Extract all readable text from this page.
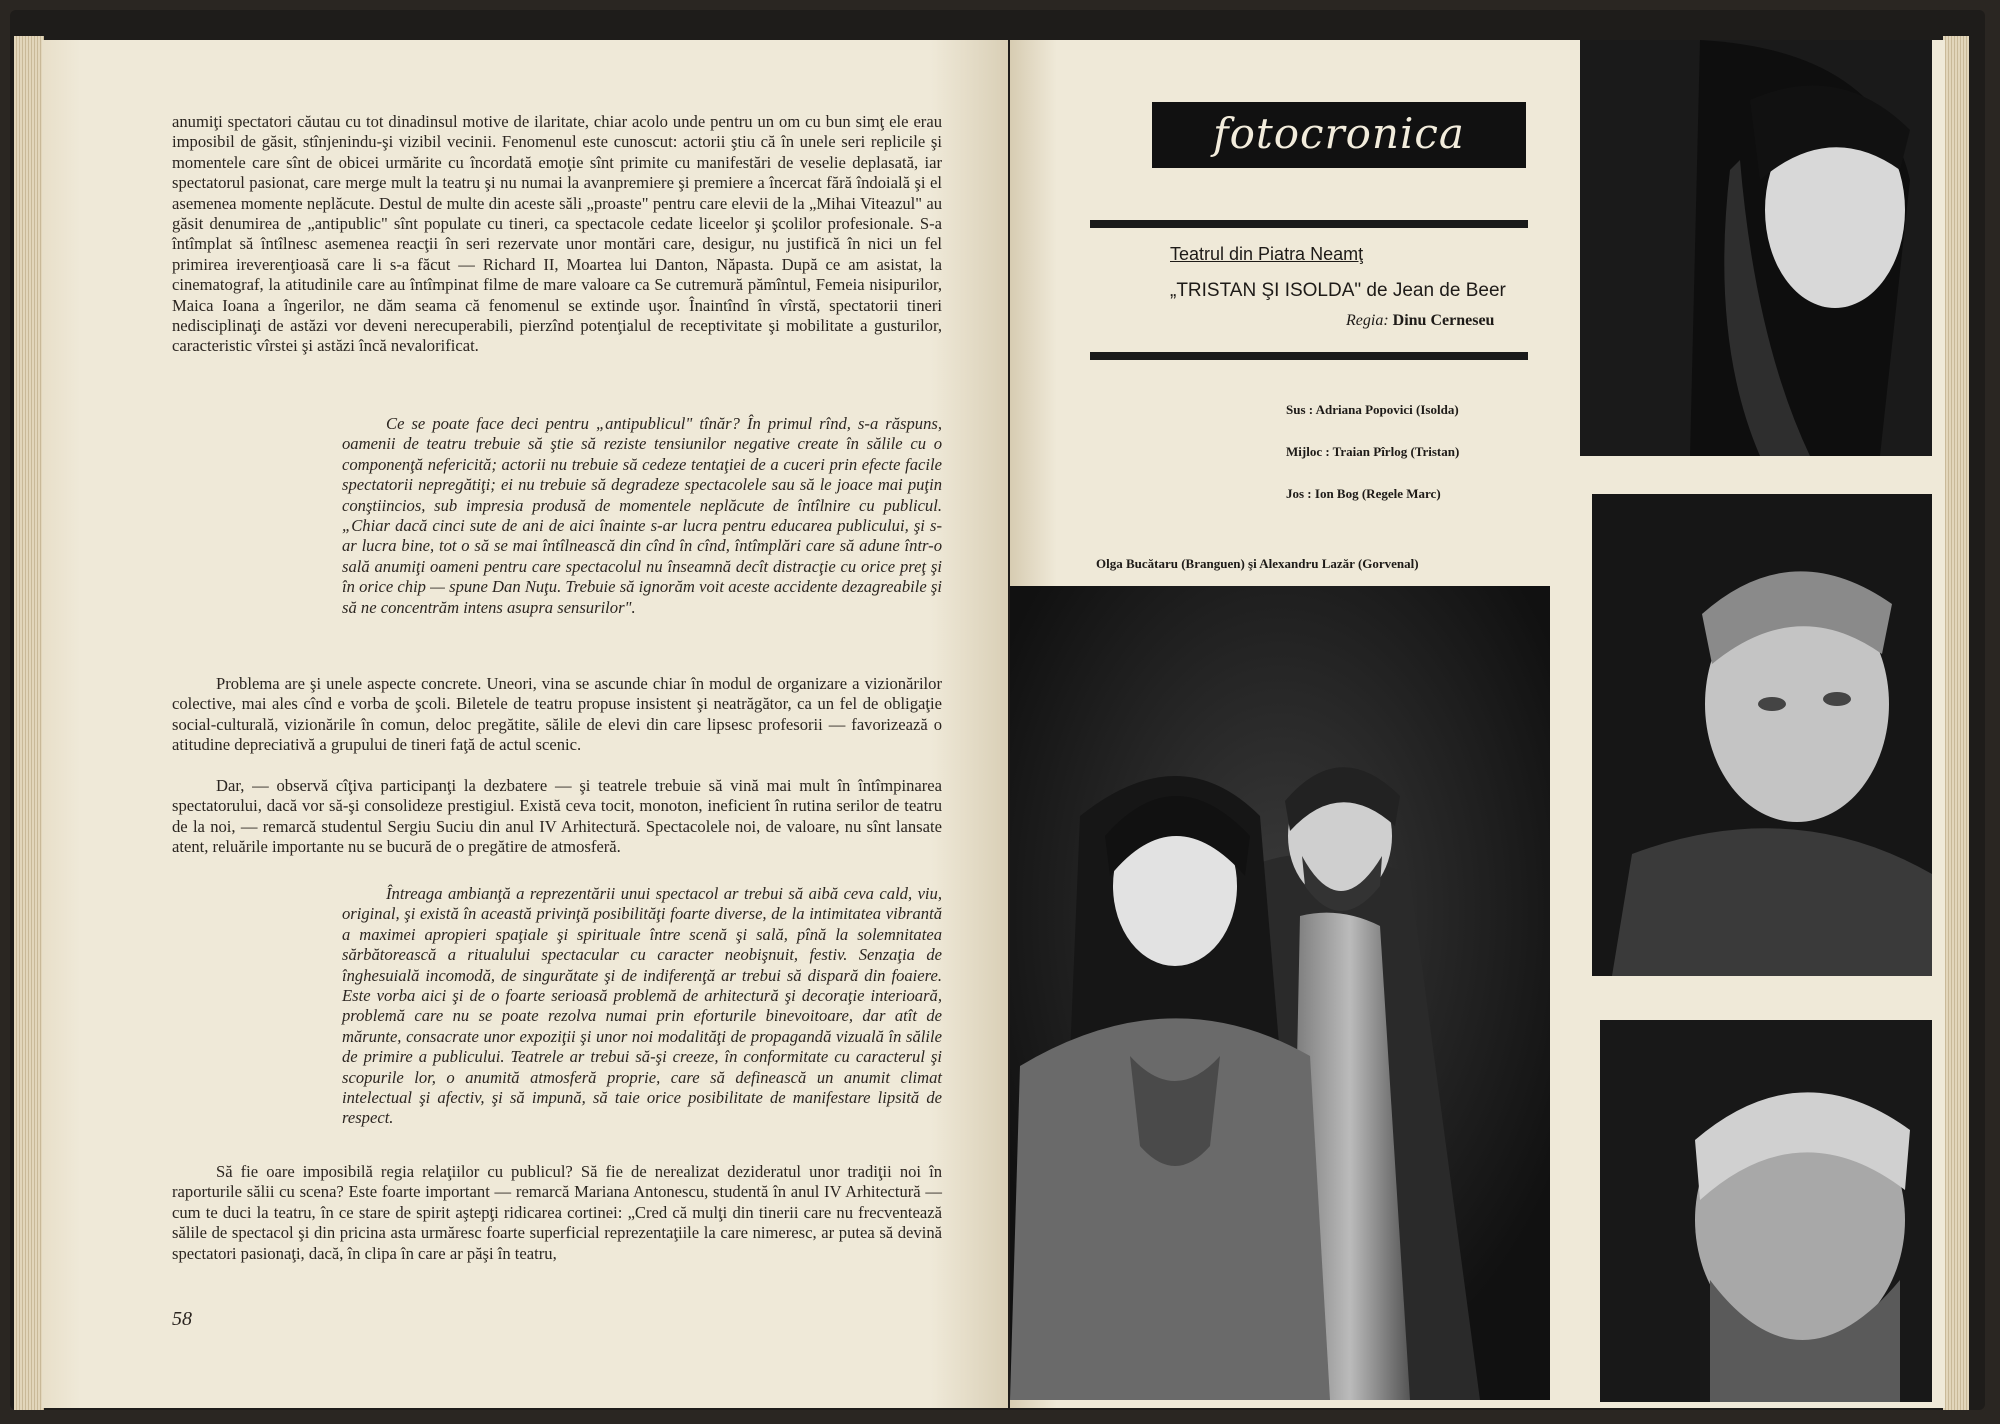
anumiţi spectatori căutau cu tot dinadinsul motive de ilaritate, chiar acolo unde pentru un om cu bun simţ ele erau imposibil de găsit, stînjenindu-şi vizibil vecinii. Fenomenul este cunoscut: actorii ştiu că în unele seri replicile şi momentele care sînt de obicei urmărite cu încordată emoţie sînt primite cu manifestări de veselie deplasată, iar spectatorul pasionat, care merge mult la teatru şi nu numai la avanpremiere şi premiere a încercat fără îndoială şi el asemenea momente neplăcute. Destul de multe din aceste săli „proaste" pentru care elevii de la „Mihai Viteazul" au găsit denumirea de „antipublic" sînt populate cu tineri, ca spectacole cedate liceelor şi şcolilor profesionale. S-a întîmplat să întîlnesc asemenea reacţii în seri rezervate unor montări care, desigur, nu justifică în nici un fel primirea ireverenţioasă care li s-a făcut — Richard II, Moartea lui Danton, Năpasta. După ce am asistat, la cinematograf, la atitudinile care au întîmpinat filme de mare valoare ca Se cutremură pămîntul, Femeia nisipurilor, Maica Ioana a îngerilor, ne dăm seama că fenomenul se extinde uşor. Înaintînd în vîrstă, spectatorii tineri nedisciplinaţi de astăzi vor deveni nerecuperabili, pierzînd potenţialul de receptivitate şi mobilitate a gusturilor, caracteristic vîrstei şi astăzi încă nevalorificat.

Ce se poate face deci pentru „antipublicul" tînăr? În primul rînd, s-a răspuns, oamenii de teatru trebuie să ştie să reziste tensiunilor negative create în sălile cu o componenţă nefericită; actorii nu trebuie să cedeze tentaţiei de a cuceri prin efecte facile spectatorii nepregătiţi; ei nu trebuie să degradeze spectacolele sau să le joace mai puţin conştiincios, sub impresia produsă de momentele neplăcute de întîlnire cu publicul. „Chiar dacă cinci sute de ani de aici înainte s-ar lucra pentru educarea publicului, şi s-ar lucra bine, tot o să se mai întîlnească din cînd în cînd, întîmplări care să adune într-o sală anumiţi oameni pentru care spectacolul nu înseamnă decît distracţie cu orice preţ şi în orice chip — spune Dan Nuţu. Trebuie să ignorăm voit aceste accidente dezagreabile şi să ne concentrăm intens asupra sensurilor".

Problema are şi unele aspecte concrete. Uneori, vina se ascunde chiar în modul de organizare a vizionărilor colective, mai ales cînd e vorba de şcoli. Biletele de teatru propuse insistent şi neatrăgător, ca un fel de obligaţie social-culturală, vizionările în comun, deloc pregătite, sălile de elevi din care lipsesc profesorii — favorizează o atitudine depreciativă a grupului de tineri faţă de actul scenic.

Dar, — observă cîţiva participanţi la dezbatere — şi teatrele trebuie să vină mai mult în întîmpinarea spectatorului, dacă vor să-şi consolideze prestigiul. Există ceva tocit, monoton, ineficient în rutina serilor de teatru de la noi, — remarcă studentul Sergiu Suciu din anul IV Arhitectură. Spectacolele noi, de valoare, nu sînt lansate atent, reluările importante nu se bucură de o pregătire de atmosferă.

Întreaga ambianţă a reprezentării unui spectacol ar trebui să aibă ceva cald, viu, original, şi există în această privinţă posibilităţi foarte diverse, de la intimitatea vibrantă a maximei apropieri spaţiale şi spirituale între scenă şi sală, pînă la solemnitatea sărbătorească a ritualului spectacular cu caracter neobişnuit, festiv. Senzaţia de înghesuială incomodă, de singurătate şi de indiferenţă ar trebui să dispară din foaiere. Este vorba aici şi de o foarte serioasă problemă de arhitectură şi decoraţie interioară, problemă care nu se poate rezolva numai prin eforturile binevoitoare, dar atît de mărunte, consacrate unor expoziţii şi unor noi modalităţi de propagandă vizuală în sălile de primire a publicului. Teatrele ar trebui să-şi creeze, în conformitate cu caracterul şi scopurile lor, o anumită atmosferă proprie, care să definească un anumit climat intelectual şi afectiv, şi să impună, să taie orice posibilitate de manifestare lipsită de respect.

Să fie oare imposibilă regia relaţiilor cu publicul? Să fie de nerealizat dezideratul unor tradiţii noi în raporturile sălii cu scena? Este foarte important — remarcă Mariana Antonescu, studentă în anul IV Arhitectură — cum te duci la teatru, în ce stare de spirit aştepţi ridicarea cortinei: „Cred că mulţi din tinerii care nu frecventează sălile de spectacol şi din pricina asta urmăresc foarte superficial reprezentaţiile la care nimeresc, ar putea să devină spectatori pasionaţi, dacă, în clipa în care ar păşi în teatru,

58
fotocronica
Teatrul din Piatra Neamţ
„TRISTAN ŞI ISOLDA" de Jean de Beer
Regia: Dinu Cerneseu
Sus : Adriana Popovici (Isolda)
Mijloc : Traian Pîrlog (Tristan)
Jos : Ion Bog (Regele Marc)
Olga Bucătaru (Branguen) şi Alexandru Lazăr (Gorvenal)
